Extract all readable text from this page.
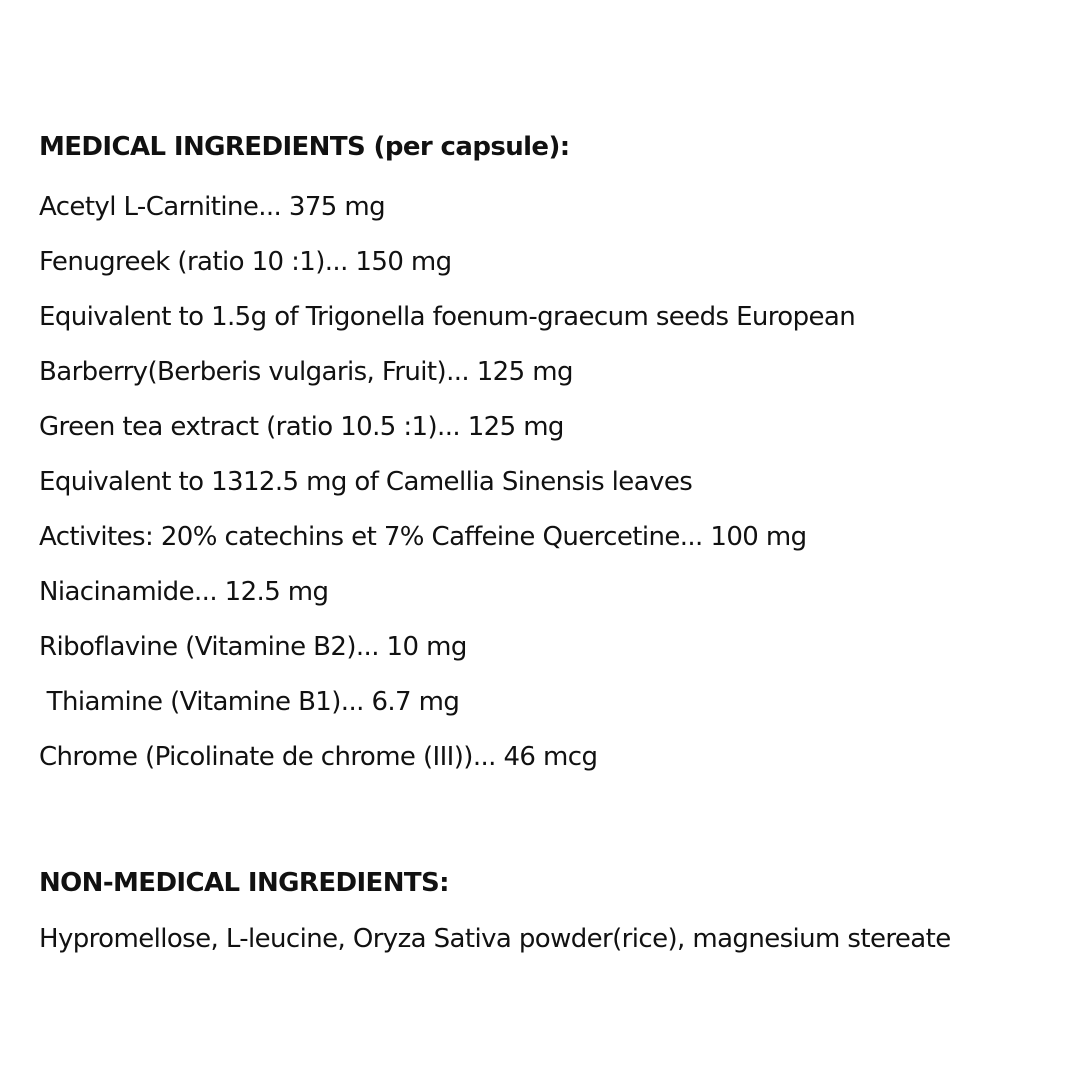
MEDICAL INGREDIENTS (per capsule):
Acetyl L-Carnitine... 375 mg
Fenugreek (ratio 10 :1)... 150 mg
Equivalent to 1.5g of Trigonella foenum-graecum seeds European
Barberry(Berberis vulgaris, Fruit)... 125 mg
Green tea extract (ratio 10.5 :1)... 125 mg
Equivalent to 1312.5 mg of Camellia Sinensis leaves
Activites: 20% catechins et 7% Caffeine Quercetine... 100 mg
Niacinamide... 12.5 mg
Riboflavine (Vitamine B2)... 10 mg
Thiamine (Vitamine B1)... 6.7 mg
Chrome (Picolinate de chrome (III))... 46 mcg
NON-MEDICAL INGREDIENTS:
Hypromellose, L-leucine, Oryza Sativa powder(rice), magnesium stereate
